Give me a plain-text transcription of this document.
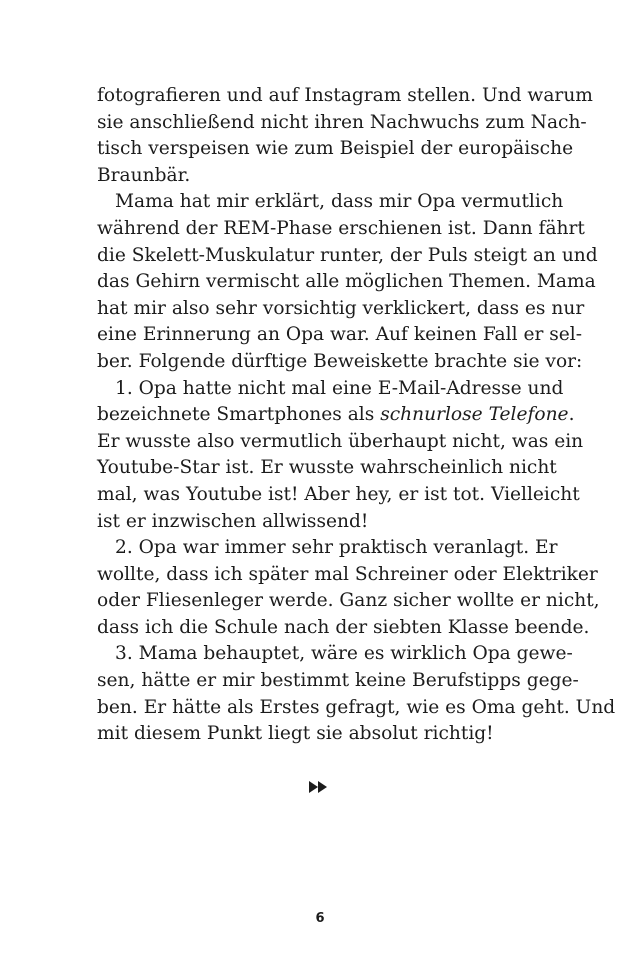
fotografieren und auf Instagram stellen. Und warum
sie anschließend nicht ihren Nachwuchs zum Nach-
tisch verspeisen wie zum Beispiel der europäische
Braunbär.
Mama hat mir erklärt, dass mir Opa vermutlich
während der REM-Phase erschienen ist. Dann fährt
die Skelett-Muskulatur runter, der Puls steigt an und
das Gehirn vermischt alle möglichen Themen. Mama
hat mir also sehr vorsichtig verklickert, dass es nur
eine Erinnerung an Opa war. Auf keinen Fall er sel-
ber. Folgende dürftige Beweiskette brachte sie vor:
1. Opa hatte nicht mal eine E-Mail-Adresse und
bezeichnete Smartphones als schnurlose Telefone.
Er wusste also vermutlich überhaupt nicht, was ein
Youtube-Star ist. Er wusste wahrscheinlich nicht
mal, was Youtube ist! Aber hey, er ist tot. Vielleicht
ist er inzwischen allwissend!
2. Opa war immer sehr praktisch veranlagt. Er
wollte, dass ich später mal Schreiner oder Elektriker
oder Fliesenleger werde. Ganz sicher wollte er nicht,
dass ich die Schule nach der siebten Klasse beende.
3. Mama behauptet, wäre es wirklich Opa gewe-
sen, hätte er mir bestimmt keine Berufstipps gege-
ben. Er hätte als Erstes gefragt, wie es Oma geht. Und
mit diesem Punkt liegt sie absolut richtig!
6
